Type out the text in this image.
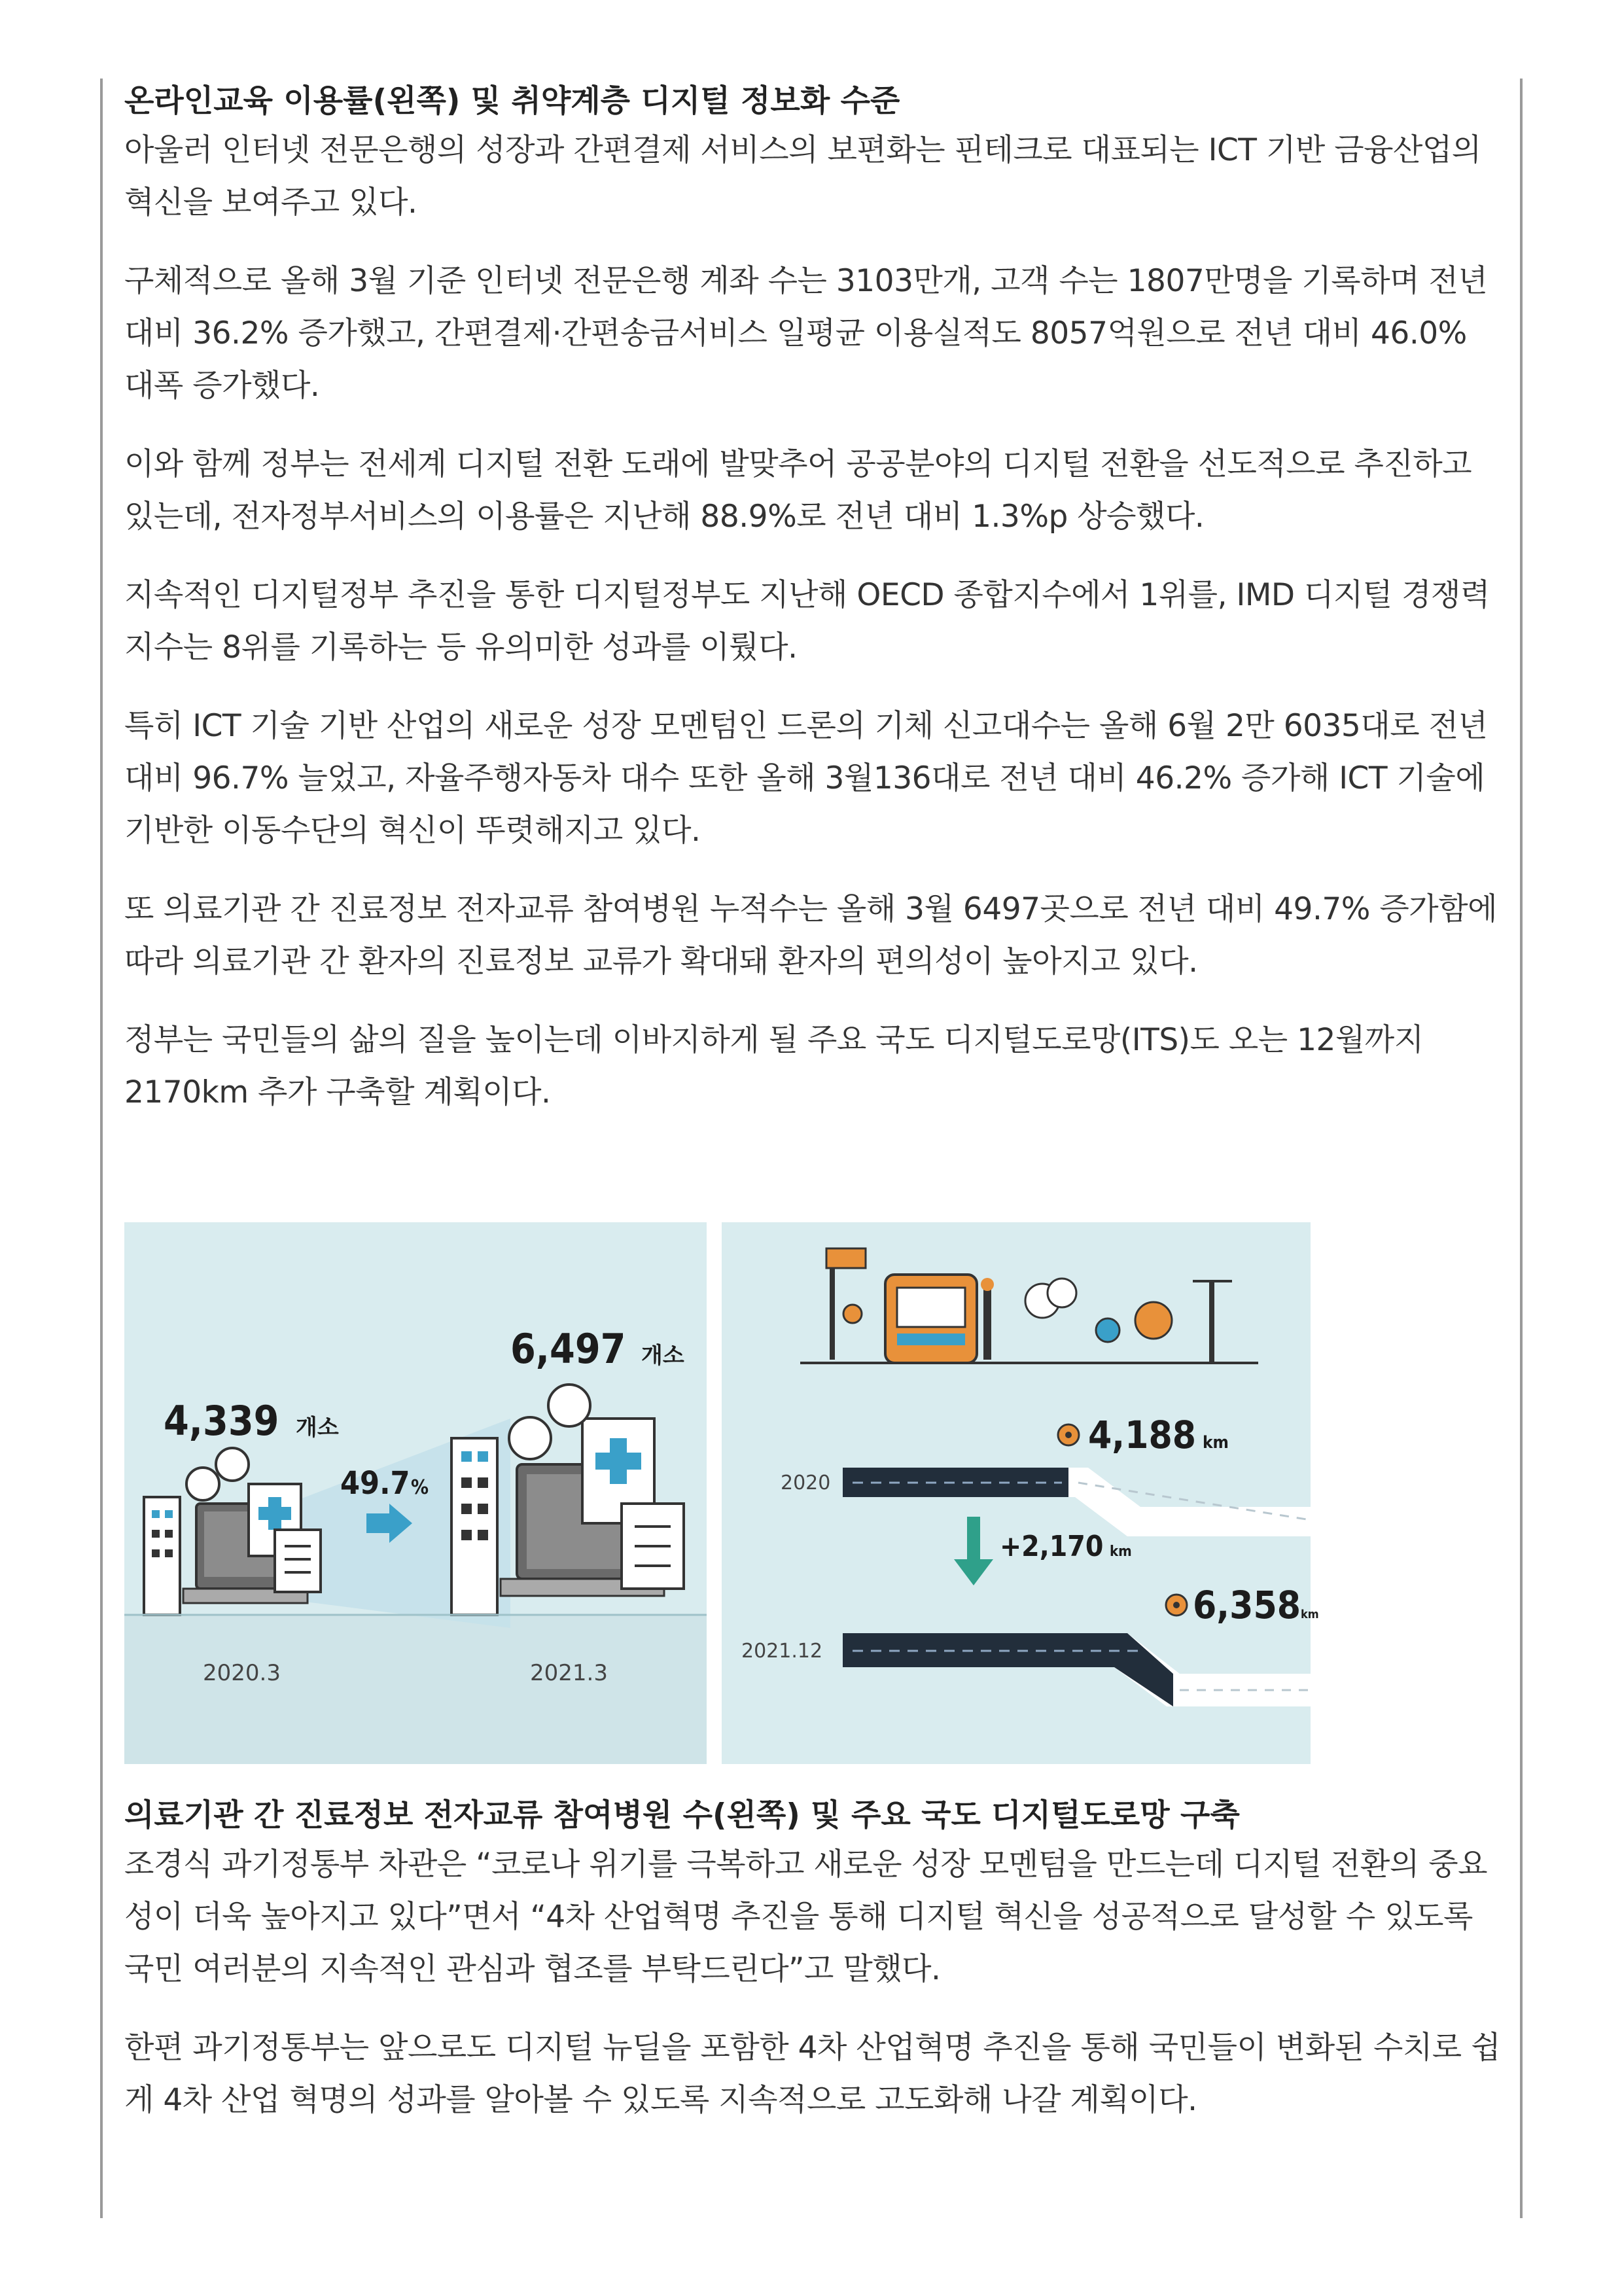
온라인교육 이용률(왼쪽) 및 취약계층 디지털 정보화 수준

아울러 인터넷 전문은행의 성장과 간편결제 서비스의 보편화는 핀테크로 대표되는 ICT 기반 금융산업의 혁신을 보여주고 있다.

구체적으로 올해 3월 기준 인터넷 전문은행 계좌 수는 3103만개, 고객 수는 1807만명을 기록하며 전년 대비 36.2% 증가했고, 간편결제·간편송금서비스 일평균 이용실적도 8057억원으로 전년 대비 46.0% 대폭 증가했다.

이와 함께 정부는 전세계 디지털 전환 도래에 발맞추어 공공분야의 디지털 전환을 선도적으로 추진하고 있는데, 전자정부서비스의 이용률은 지난해 88.9%로 전년 대비 1.3%p 상승했다.

지속적인 디지털정부 추진을 통한 디지털정부도 지난해 OECD 종합지수에서 1위를, IMD 디지털 경쟁력 지수는 8위를 기록하는 등 유의미한 성과를 이뤘다.

특히 ICT 기술 기반 산업의 새로운 성장 모멘텀인 드론의 기체 신고대수는 올해 6월 2만 6035대로 전년 대비 96.7% 늘었고, 자율주행자동차 대수 또한 올해 3월136대로 전년 대비 46.2% 증가해 ICT 기술에 기반한 이동수단의 혁신이 뚜렷해지고 있다.

또 의료기관 간 진료정보 전자교류 참여병원 누적수는 올해 3월 6497곳으로 전년 대비 49.7% 증가함에 따라 의료기관 간 환자의 진료정보 교류가 확대돼 환자의 편의성이 높아지고 있다.

정부는 국민들의 삶의 질을 높이는데 이바지하게 될 주요 국도 디지털도로망(ITS)도 오는 12월까지 2170km 추가 구축할 계획이다.

4,339 개소
6,497 개소
49.7 %
2020.3	2021.3
2020
4,188 km
+2,170 km
2021.12
6,358 km

의료기관 간 진료정보 전자교류 참여병원 수(왼쪽) 및 주요 국도 디지털도로망 구축

조경식 과기정통부 차관은 “코로나 위기를 극복하고 새로운 성장 모멘텀을 만드는데 디지털 전환의 중요성이 더욱 높아지고 있다”면서 “4차 산업혁명 추진을 통해 디지털 혁신을 성공적으로 달성할 수 있도록 국민 여러분의 지속적인 관심과 협조를 부탁드린다”고 말했다.

한편 과기정통부는 앞으로도 디지털 뉴딜을 포함한 4차 산업혁명 추진을 통해 국민들이 변화된 수치로 쉽게 4차 산업 혁명의 성과를 알아볼 수 있도록 지속적으로 고도화해 나갈 계획이다.
